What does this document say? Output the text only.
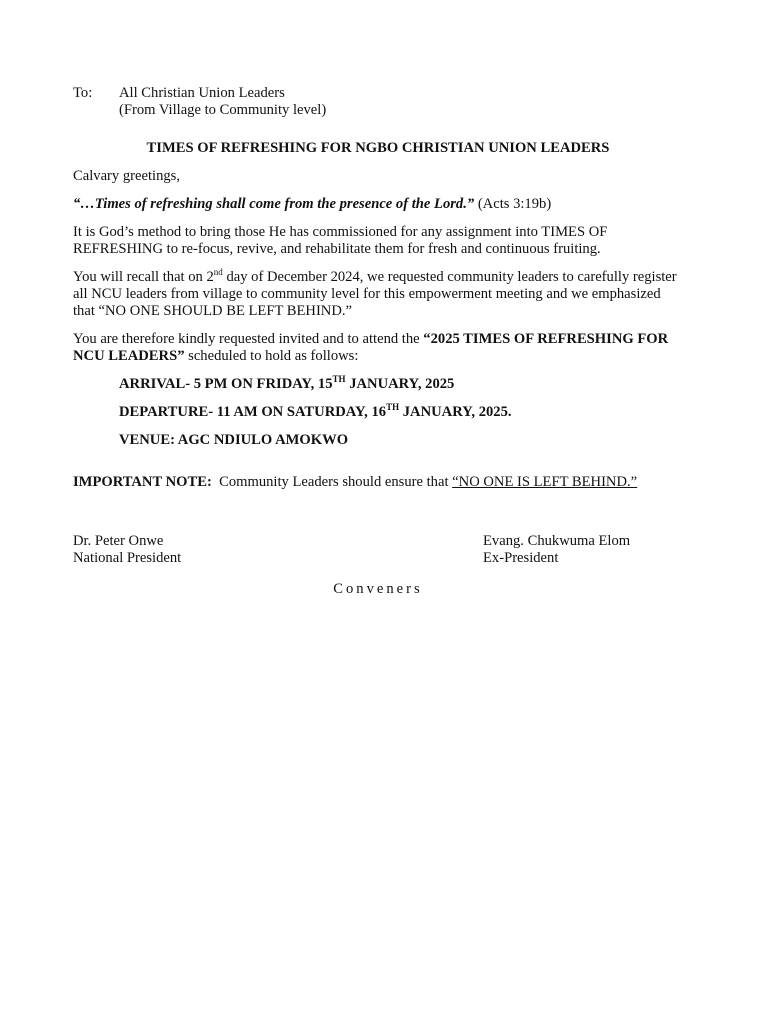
To:	All Christian Union Leaders
(From Village to Community level)

TIMES OF REFRESHING FOR NGBO CHRISTIAN UNION LEADERS

Calvary greetings,

“…Times of refreshing shall come from the presence of the Lord.” (Acts 3:19b)

It is God’s method to bring those He has commissioned for any assignment into TIMES OF REFRESHING to re-focus, revive, and rehabilitate them for fresh and continuous fruiting.

You will recall that on 2nd day of December 2024, we requested community leaders to carefully register all NCU leaders from village to community level for this empowerment meeting and we emphasized that “NO ONE SHOULD BE LEFT BEHIND.”

You are therefore kindly requested invited and to attend the “2025 TIMES OF REFRESHING FOR NCU LEADERS” scheduled to hold as follows:

ARRIVAL- 5 PM ON FRIDAY, 15TH JANUARY, 2025

DEPARTURE- 11 AM ON SATURDAY, 16TH JANUARY, 2025.

VENUE: AGC NDIULO AMOKWO

IMPORTANT NOTE:  Community Leaders should ensure that “NO ONE IS LEFT BEHIND.”

Dr. Peter Onwe
National President
Evang. Chukwuma Elom
Ex-President

Conveners
